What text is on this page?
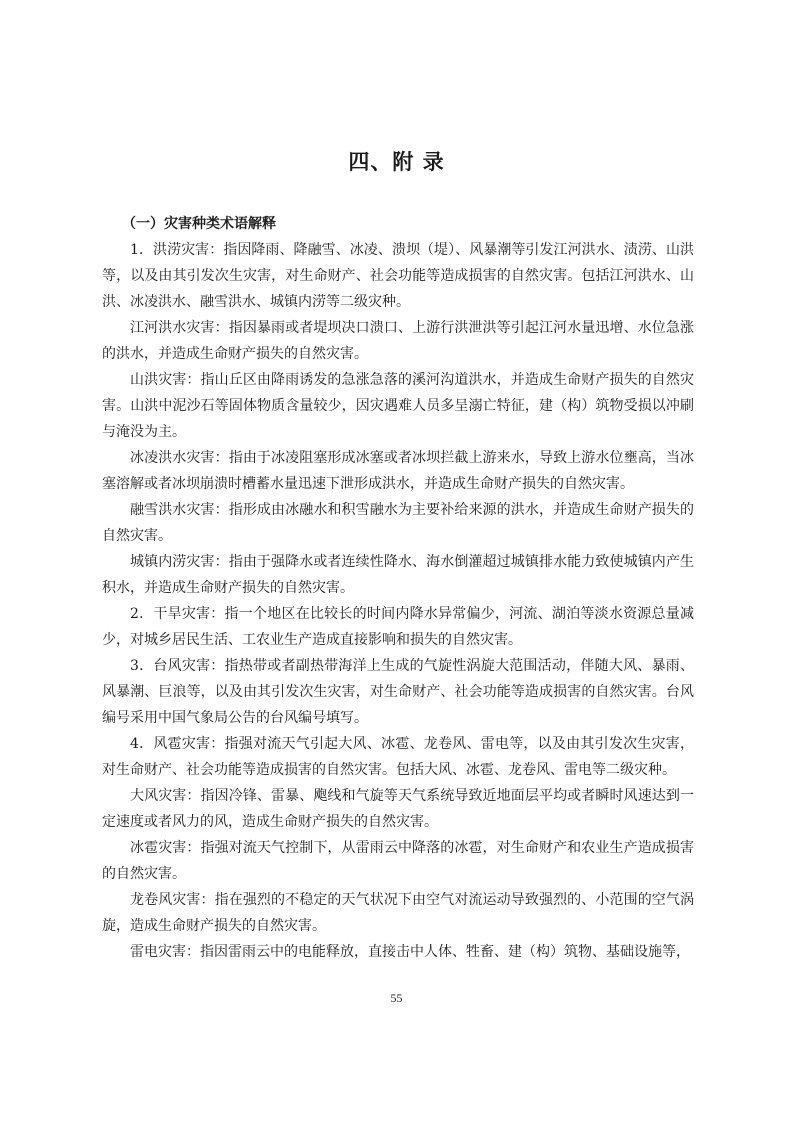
四、附 录
（一）灾害种类术语解释

1．洪涝灾害：指因降雨、降融雪、冰凌、溃坝（堤）、风暴潮等引发江河洪水、渍涝、山洪等，以及由其引发次生灾害，对生命财产、社会功能等造成损害的自然灾害。包括江河洪水、山洪、冰凌洪水、融雪洪水、城镇内涝等二级灾种。

江河洪水灾害：指因暴雨或者堤坝决口溃口、上游行洪泄洪等引起江河水量迅增、水位急涨的洪水，并造成生命财产损失的自然灾害。

山洪灾害：指山丘区由降雨诱发的急涨急落的溪河沟道洪水，并造成生命财产损失的自然灾害。山洪中泥沙石等固体物质含量较少，因灾遇难人员多呈溺亡特征，建（构）筑物受损以冲刷与淹没为主。

冰凌洪水灾害：指由于冰凌阻塞形成冰塞或者冰坝拦截上游来水，导致上游水位壅高，当冰塞溶解或者冰坝崩溃时槽蓄水量迅速下泄形成洪水，并造成生命财产损失的自然灾害。

融雪洪水灾害：指形成由冰融水和积雪融水为主要补给来源的洪水，并造成生命财产损失的自然灾害。

城镇内涝灾害：指由于强降水或者连续性降水、海水倒灌超过城镇排水能力致使城镇内产生积水，并造成生命财产损失的自然灾害。

2．干旱灾害：指一个地区在比较长的时间内降水异常偏少，河流、湖泊等淡水资源总量减少，对城乡居民生活、工农业生产造成直接影响和损失的自然灾害。

3．台风灾害：指热带或者副热带海洋上生成的气旋性涡旋大范围活动，伴随大风、暴雨、风暴潮、巨浪等，以及由其引发次生灾害，对生命财产、社会功能等造成损害的自然灾害。台风编号采用中国气象局公告的台风编号填写。

4．风雹灾害：指强对流天气引起大风、冰雹、龙卷风、雷电等，以及由其引发次生灾害，对生命财产、社会功能等造成损害的自然灾害。包括大风、冰雹、龙卷风、雷电等二级灾种。

大风灾害：指因冷锋、雷暴、飑线和气旋等天气系统导致近地面层平均或者瞬时风速达到一定速度或者风力的风，造成生命财产损失的自然灾害。

冰雹灾害：指强对流天气控制下，从雷雨云中降落的冰雹，对生命财产和农业生产造成损害的自然灾害。

龙卷风灾害：指在强烈的不稳定的天气状况下由空气对流运动导致强烈的、小范围的空气涡旋，造成生命财产损失的自然灾害。

雷电灾害：指因雷雨云中的电能释放，直接击中人体、牲畜、建（构）筑物、基础设施等，

55
